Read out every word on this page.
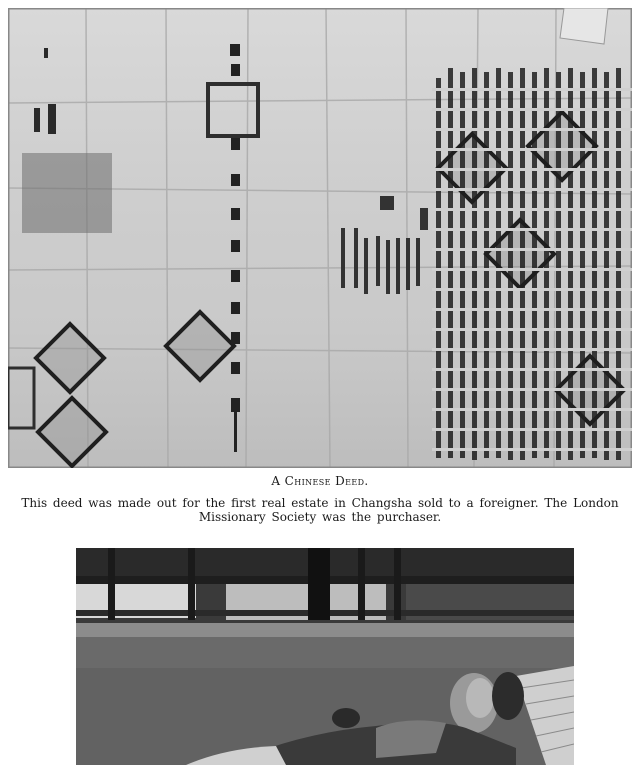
A Chinese Deed.
This deed was made out for the first real estate in Changsha sold to a foreigner. The London Missionary Society was the purchaser.
